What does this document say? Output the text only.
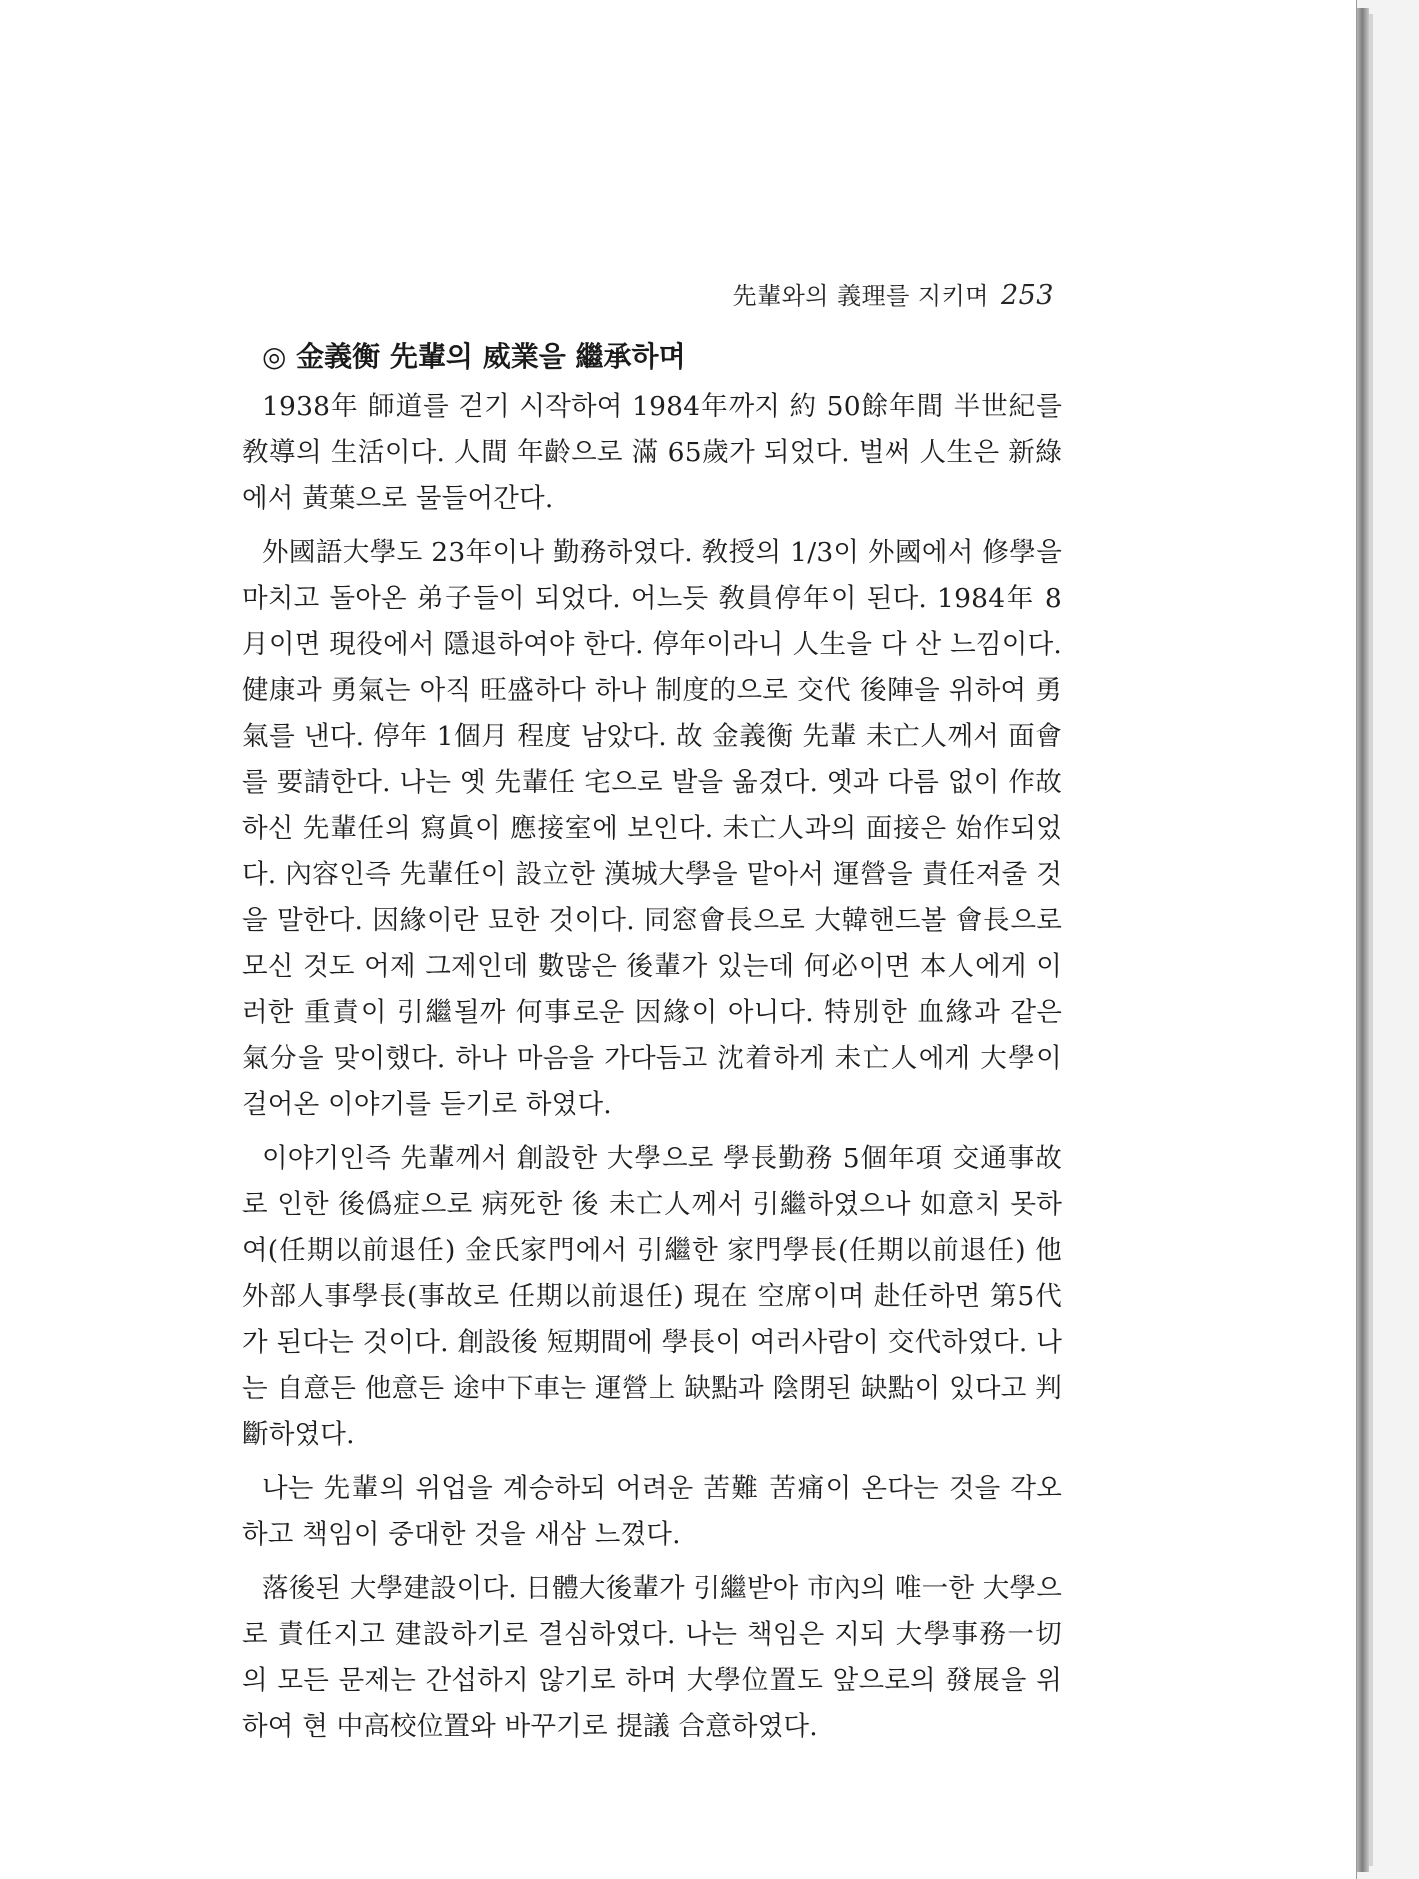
先輩와의 義理를 지키며 253
◎ 金義衡 先輩의 威業을 繼承하며

1938年 師道를 걷기 시작하여 1984年까지 約 50餘年間 半世紀를 敎導의 生活이다. 人間 年齡으로 滿 65歲가 되었다. 벌써 人生은 新綠에서 黃葉으로 물들어간다.

外國語大學도 23年이나 勤務하였다. 敎授의 1/3이 外國에서 修學을 마치고 돌아온 弟子들이 되었다. 어느듯 敎員停年이 된다. 1984年 8月이면 現役에서 隱退하여야 한다. 停年이라니 人生을 다 산 느낌이다. 健康과 勇氣는 아직 旺盛하다 하나 制度的으로 交代 後陣을 위하여 勇氣를 낸다. 停年 1個月 程度 남았다. 故 金義衡 先輩 未亡人께서 面會를 要請한다. 나는 옛 先輩任 宅으로 발을 옮겼다. 옛과 다름 없이 作故하신 先輩任의 寫眞이 應接室에 보인다. 未亡人과의 面接은 始作되었다. 內容인즉 先輩任이 設立한 漢城大學을 맡아서 運營을 責任져줄 것을 말한다. 因緣이란 묘한 것이다. 同窓會長으로 大韓핸드볼 會長으로 모신 것도 어제 그제인데 數많은 後輩가 있는데 何必이면 本人에게 이러한 重責이 引繼될까 何事로운 因緣이 아니다. 特別한 血緣과 같은 氣分을 맞이했다. 하나 마음을 가다듬고 沈着하게 未亡人에게 大學이 걸어온 이야기를 듣기로 하였다.

이야기인즉 先輩께서 創設한 大學으로 學長勤務 5個年項 交通事故로 인한 後僞症으로 病死한 後 未亡人께서 引繼하였으나 如意치 못하여(任期以前退任) 金氏家門에서 引繼한 家門學長(任期以前退任) 他外部人事學長(事故로 任期以前退任) 現在 空席이며 赴任하면 第5代가 된다는 것이다. 創設後 短期間에 學長이 여러사람이 交代하였다. 나는 自意든 他意든 途中下車는 運營上 缺點과 陰閉된 缺點이 있다고 判斷하였다.

나는 先輩의 위업을 계승하되 어려운 苦難 苦痛이 온다는 것을 각오하고 책임이 중대한 것을 새삼 느꼈다.

落後된 大學建設이다. 日體大後輩가 引繼받아 市內의 唯一한 大學으로 責任지고 建設하기로 결심하였다. 나는 책임은 지되 大學事務一切의 모든 문제는 간섭하지 않기로 하며 大學位置도 앞으로의 發展을 위하여 현 中高校位置와 바꾸기로 提議 合意하였다.
